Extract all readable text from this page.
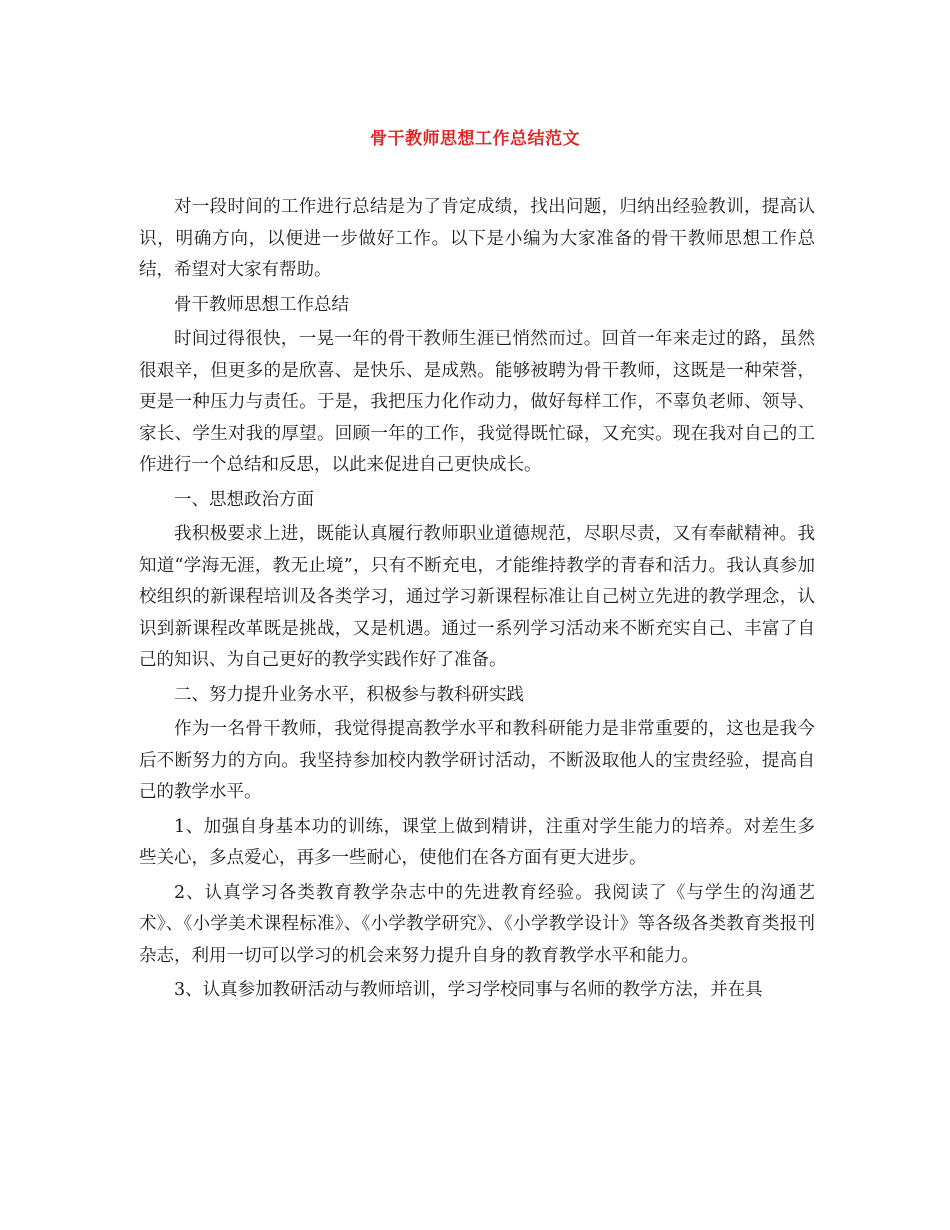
骨干教师思想工作总结范文

对一段时间的工作进行总结是为了肯定成绩，找出问题，归纳出经验教训，提高认识，明确方向，以便进一步做好工作。以下是小编为大家准备的骨干教师思想工作总结，希望对大家有帮助。

骨干教师思想工作总结

时间过得很快，一晃一年的骨干教师生涯已悄然而过。回首一年来走过的路，虽然很艰辛，但更多的是欣喜、是快乐、是成熟。能够被聘为骨干教师，这既是一种荣誉，更是一种压力与责任。于是，我把压力化作动力，做好每样工作，不辜负老师、领导、家长、学生对我的厚望。回顾一年的工作，我觉得既忙碌，又充实。现在我对自己的工作进行一个总结和反思，以此来促进自己更快成长。

一、思想政治方面

我积极要求上进，既能认真履行教师职业道德规范，尽职尽责，又有奉献精神。我知道“学海无涯，教无止境”，只有不断充电，才能维持教学的青春和活力。我认真参加校组织的新课程培训及各类学习，通过学习新课程标准让自己树立先进的教学理念，认识到新课程改革既是挑战，又是机遇。通过一系列学习活动来不断充实自己、丰富了自己的知识、为自己更好的教学实践作好了准备。

二、努力提升业务水平，积极参与教科研实践

作为一名骨干教师，我觉得提高教学水平和教科研能力是非常重要的，这也是我今后不断努力的方向。我坚持参加校内教学研讨活动，不断汲取他人的宝贵经验，提高自己的教学水平。

1、加强自身基本功的训练，课堂上做到精讲，注重对学生能力的培养。对差生多些关心，多点爱心，再多一些耐心，使他们在各方面有更大进步。

2、认真学习各类教育教学杂志中的先进教育经验。我阅读了《与学生的沟通艺术》、《小学美术课程标准》、《小学教学研究》、《小学教学设计》等各级各类教育类报刊杂志，利用一切可以学习的机会来努力提升自身的教育教学水平和能力。

3、认真参加教研活动与教师培训，学习学校同事与名师的教学方法，并在具
